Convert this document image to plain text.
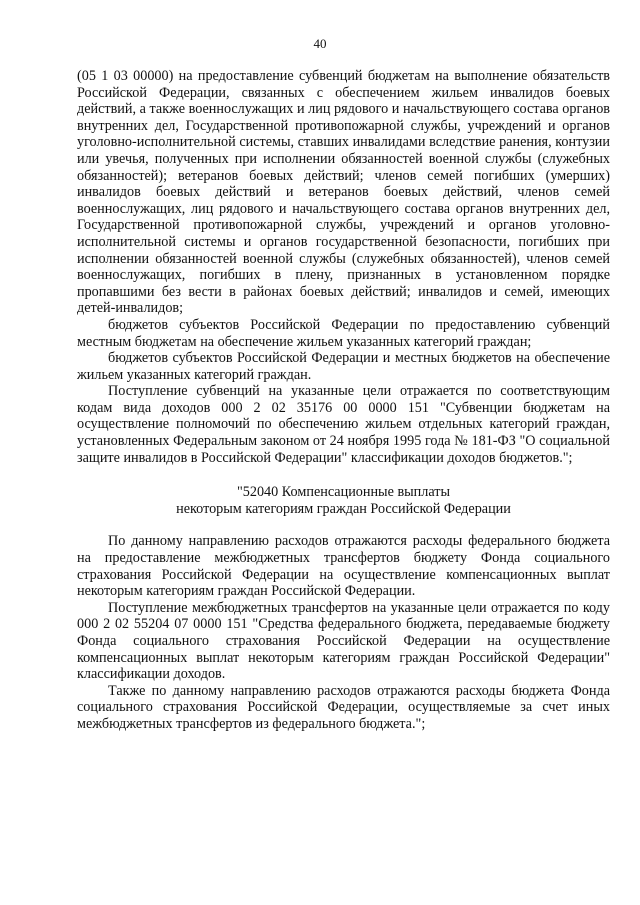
40

(05 1 03 00000) на предоставление субвенций бюджетам на выполнение обязательств Российской Федерации, связанных с обеспечением жильем инвалидов боевых действий, а также военнослужащих и лиц рядового и начальствующего состава органов внутренних дел, Государственной противопожарной службы, учреждений и органов уголовно-исполнительной системы, ставших инвалидами вследствие ранения, контузии или увечья, полученных при исполнении обязанностей военной службы (служебных обязанностей); ветеранов боевых действий; членов семей погибших (умерших) инвалидов боевых действий и ветеранов боевых действий, членов семей военнослужащих, лиц рядового и начальствующего состава органов внутренних дел, Государственной противопожарной службы, учреждений и органов уголовно-исполнительной системы и органов государственной безопасности, погибших при исполнении обязанностей военной службы (служебных обязанностей), членов семей военнослужащих, погибших в плену, признанных в установленном порядке пропавшими без вести в районах боевых действий; инвалидов и семей, имеющих детей-инвалидов;

бюджетов субъектов Российской Федерации по предоставлению субвенций местным бюджетам на обеспечение жильем указанных категорий граждан;

бюджетов субъектов Российской Федерации и местных бюджетов на обеспечение жильем указанных категорий граждан.

Поступление субвенций на указанные цели отражается по соответствующим кодам вида доходов 000 2 02 35176 00 0000 151 "Субвенции бюджетам на осуществление полномочий по обеспечению жильем отдельных категорий граждан, установленных Федеральным законом от 24 ноября 1995 года № 181-ФЗ "О социальной защите инвалидов в Российской Федерации" классификации доходов бюджетов.";

"52040 Компенсационные выплаты
некоторым категориям граждан Российской Федерации

По данному направлению расходов отражаются расходы федерального бюджета на предоставление межбюджетных трансфертов бюджету Фонда социального страхования Российской Федерации на осуществление компенсационных выплат некоторым категориям граждан Российской Федерации.

Поступление межбюджетных трансфертов на указанные цели отражается по коду 000 2 02 55204 07 0000 151 "Средства федерального бюджета, передаваемые бюджету Фонда социального страхования Российской Федерации на осуществление компенсационных выплат некоторым категориям граждан Российской Федерации" классификации доходов.

Также по данному направлению расходов отражаются расходы бюджета Фонда социального страхования Российской Федерации, осуществляемые за счет иных межбюджетных трансфертов из федерального бюджета.";
